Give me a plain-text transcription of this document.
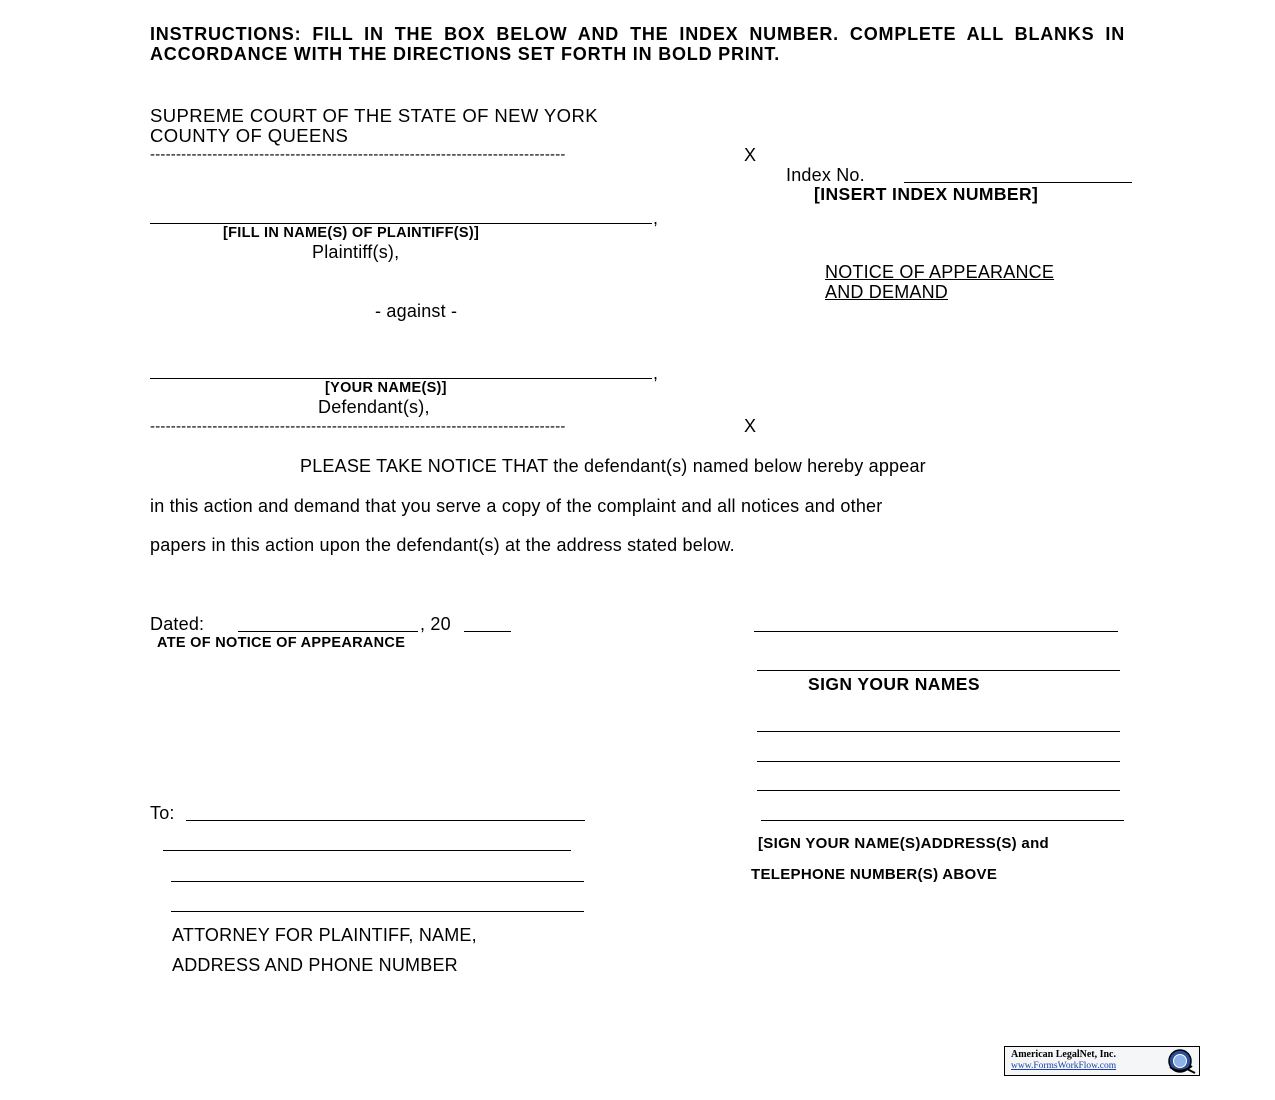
INSTRUCTIONS: FILL IN THE BOX BELOW AND THE INDEX NUMBER. COMPLETE ALL BLANKS IN ACCORDANCE WITH THE DIRECTIONS SET FORTH IN BOLD PRINT.
SUPREME COURT OF THE STATE OF NEW YORK
COUNTY OF QUEENS
--------------------------------------------------------------------------------	X
Index No.
[INSERT INDEX NUMBER]
,
[FILL IN NAME(S) OF PLAINTIFF(S)]
Plaintiff(s),
NOTICE OF APPEARANCE
AND DEMAND
- against -
,
[YOUR NAME(S)]
Defendant(s),
--------------------------------------------------------------------------------	X
PLEASE TAKE NOTICE THAT the defendant(s) named below hereby appear
in this action and demand that you serve a copy of the complaint and all notices and other
papers in this action upon the defendant(s) at the address stated below.
Dated:	, 20
ATE OF NOTICE OF APPEARANCE
SIGN YOUR NAMES
[SIGN YOUR NAME(S)ADDRESS(S) and
TELEPHONE NUMBER(S) ABOVE
To:
ATTORNEY FOR PLAINTIFF, NAME,
ADDRESS AND PHONE NUMBER
American LegalNet, Inc.
www.FormsWorkFlow.com
